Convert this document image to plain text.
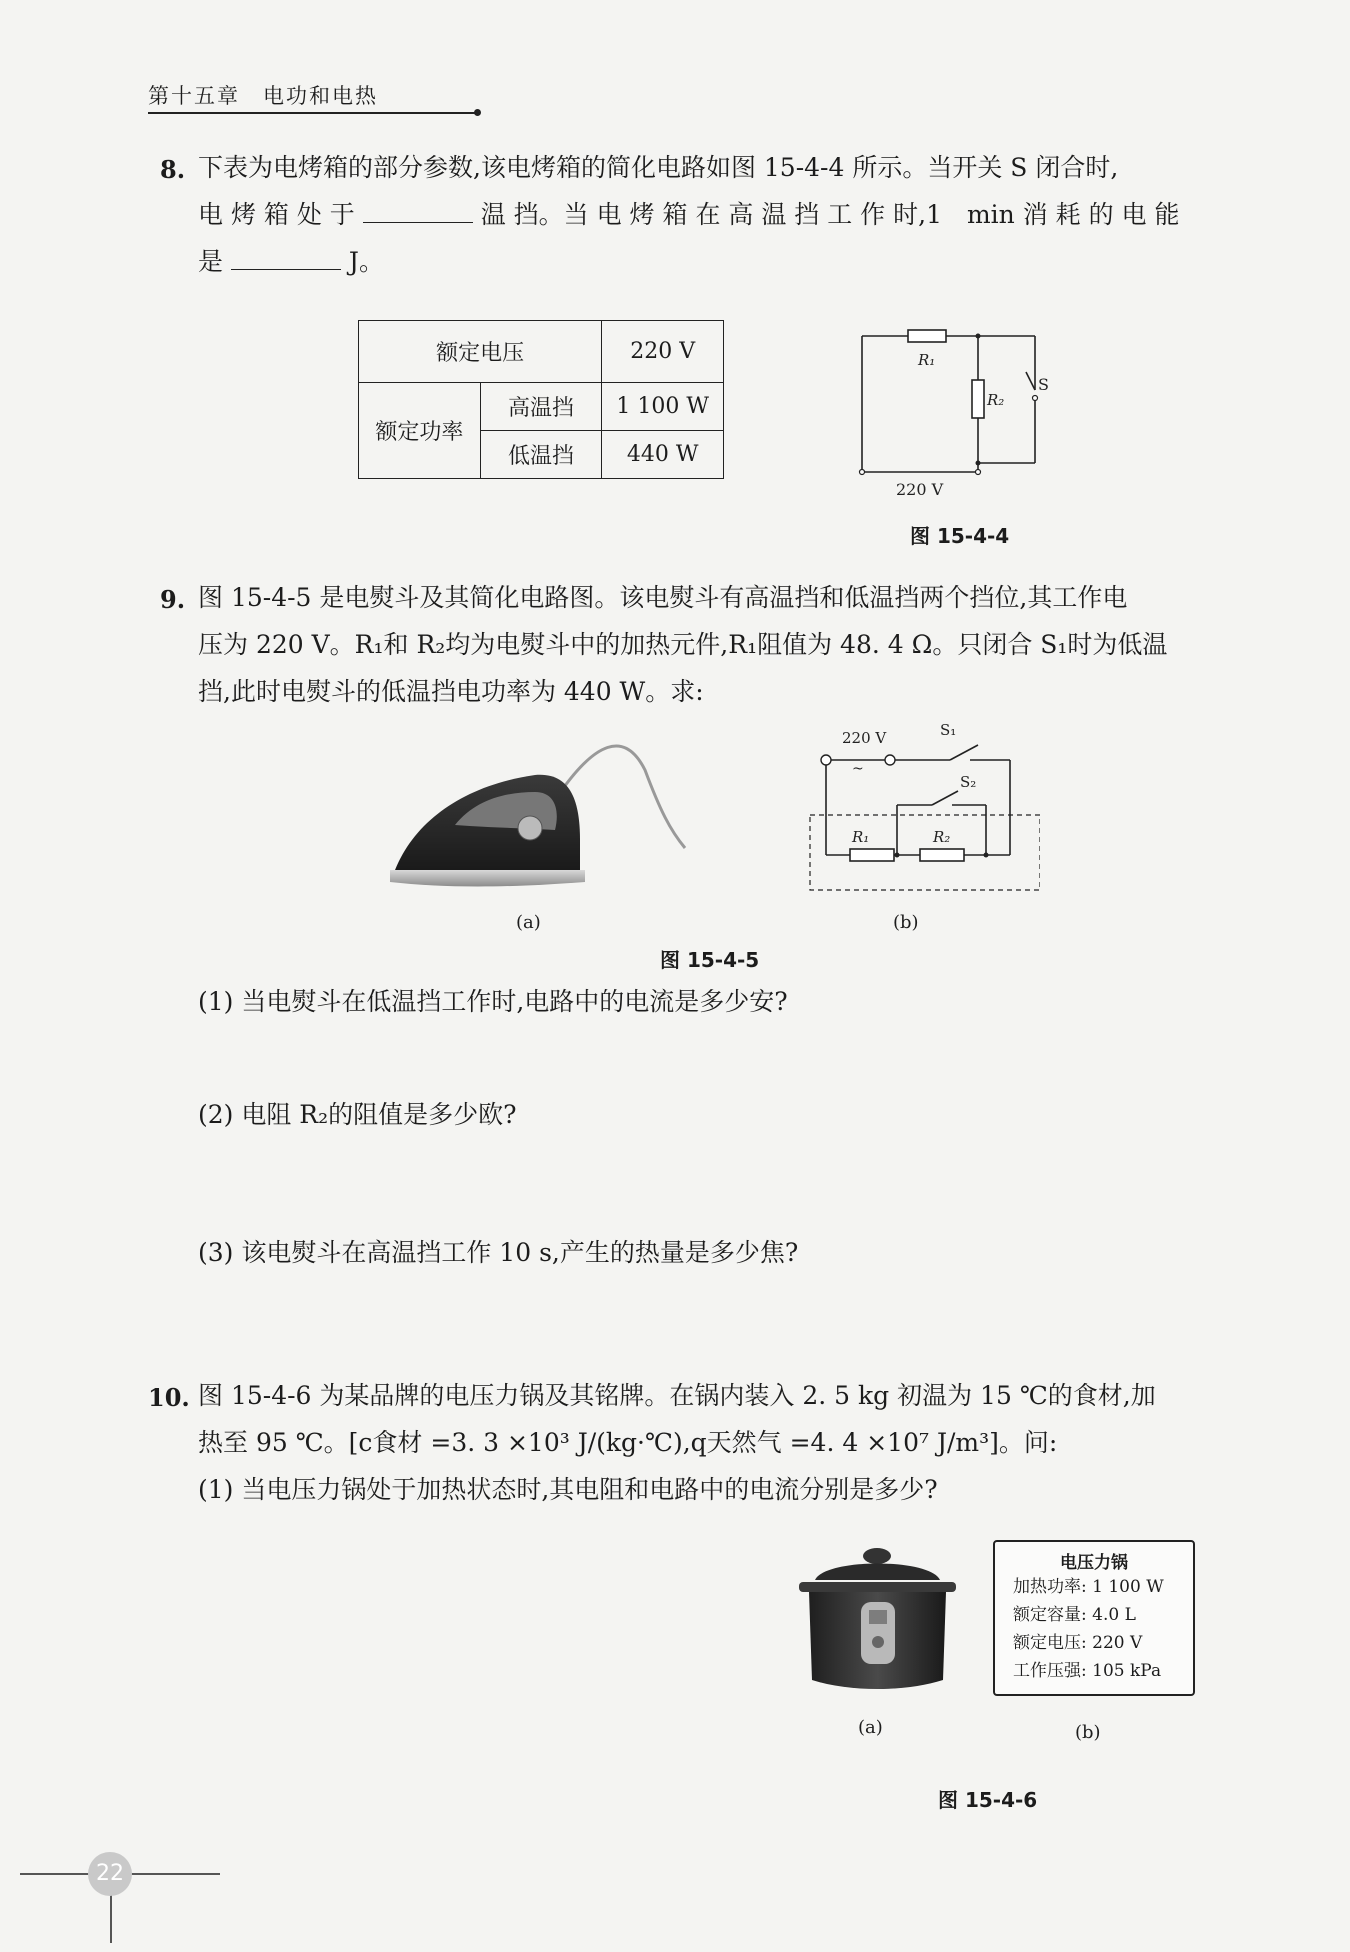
第十五章　电功和电热
8. 下表为电烤箱的部分参数,该电烤箱的简化电路如图 15-4-4 所示。当开关 S 闭合时,
电 烤 箱 处 于	温 挡。当 电 烤 箱 在 高 温 挡 工 作 时,1　min 消 耗 的 电 能
是	J。
额定电压		220 V
额定功率	高温挡	1 100 W
	低温挡	440 W
R₁
R₂
S
220 V
图 15-4-4
9. 图 15-4-5 是电熨斗及其简化电路图。该电熨斗有高温挡和低温挡两个挡位,其工作电
压为 220 V。R₁和 R₂均为电熨斗中的加热元件,R₁阻值为 48. 4 Ω。只闭合 S₁时为低温
挡,此时电熨斗的低温挡电功率为 440 W。求:
220 V
~
S₁
S₂
R₁	R₂
(a)	(b)
图 15-4-5
(1) 当电熨斗在低温挡工作时,电路中的电流是多少安?
(2) 电阻 R₂的阻值是多少欧?
(3) 该电熨斗在高温挡工作 10 s,产生的热量是多少焦?
10. 图 15-4-6 为某品牌的电压力锅及其铭牌。在锅内装入 2. 5 kg 初温为 15 ℃的食材,加
热至 95 ℃。[c食材 =3. 3 ×10³ J/(kg·℃),q天然气 =4. 4 ×10⁷ J/m³]。问:
(1) 当电压力锅处于加热状态时,其电阻和电路中的电流分别是多少?
电压力锅
加热功率: 1 100 W
额定容量: 4.0 L
额定电压: 220 V
工作压强: 105 kPa
(a)	(b)
图 15-4-6
22
